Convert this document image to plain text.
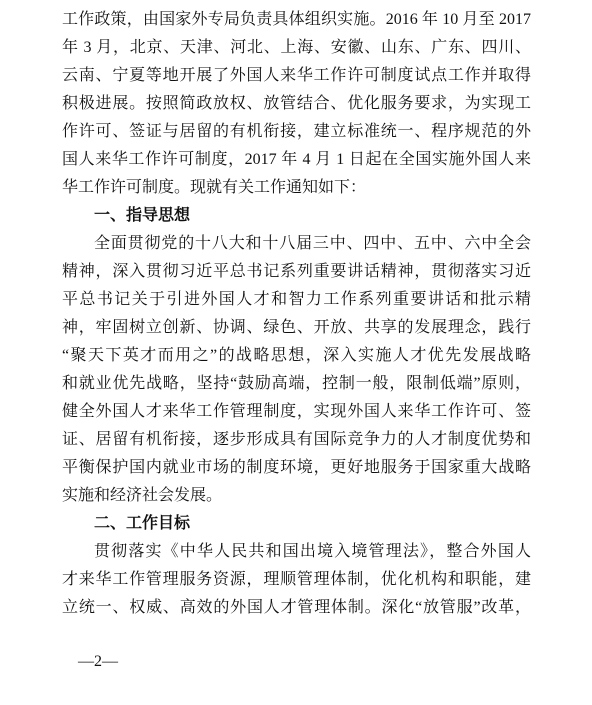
工作政策，由国家外专局负责具体组织实施。2016 年 10 月至 2017
年 3 月，北京、天津、河北、上海、安徽、山东、广东、四川、
云南、宁夏等地开展了外国人来华工作许可制度试点工作并取得
积极进展。按照简政放权、放管结合、优化服务要求，为实现工
作许可、签证与居留的有机衔接，建立标准统一、程序规范的外
国人来华工作许可制度，2017 年 4 月 1 日起在全国实施外国人来
华工作许可制度。现就有关工作通知如下：
一、指导思想
全面贯彻党的十八大和十八届三中、四中、五中、六中全会
精神，深入贯彻习近平总书记系列重要讲话精神，贯彻落实习近
平总书记关于引进外国人才和智力工作系列重要讲话和批示精
神，牢固树立创新、协调、绿色、开放、共享的发展理念，践行
“聚天下英才而用之”的战略思想，深入实施人才优先发展战略
和就业优先战略，坚持“鼓励高端，控制一般，限制低端”原则，
健全外国人才来华工作管理制度，实现外国人来华工作许可、签
证、居留有机衔接，逐步形成具有国际竞争力的人才制度优势和
平衡保护国内就业市场的制度环境，更好地服务于国家重大战略
实施和经济社会发展。
二、工作目标
贯彻落实《中华人民共和国出境入境管理法》，整合外国人
才来华工作管理服务资源，理顺管理体制，优化机构和职能，建
立统一、权威、高效的外国人才管理体制。深化“放管服”改革，
—2—
